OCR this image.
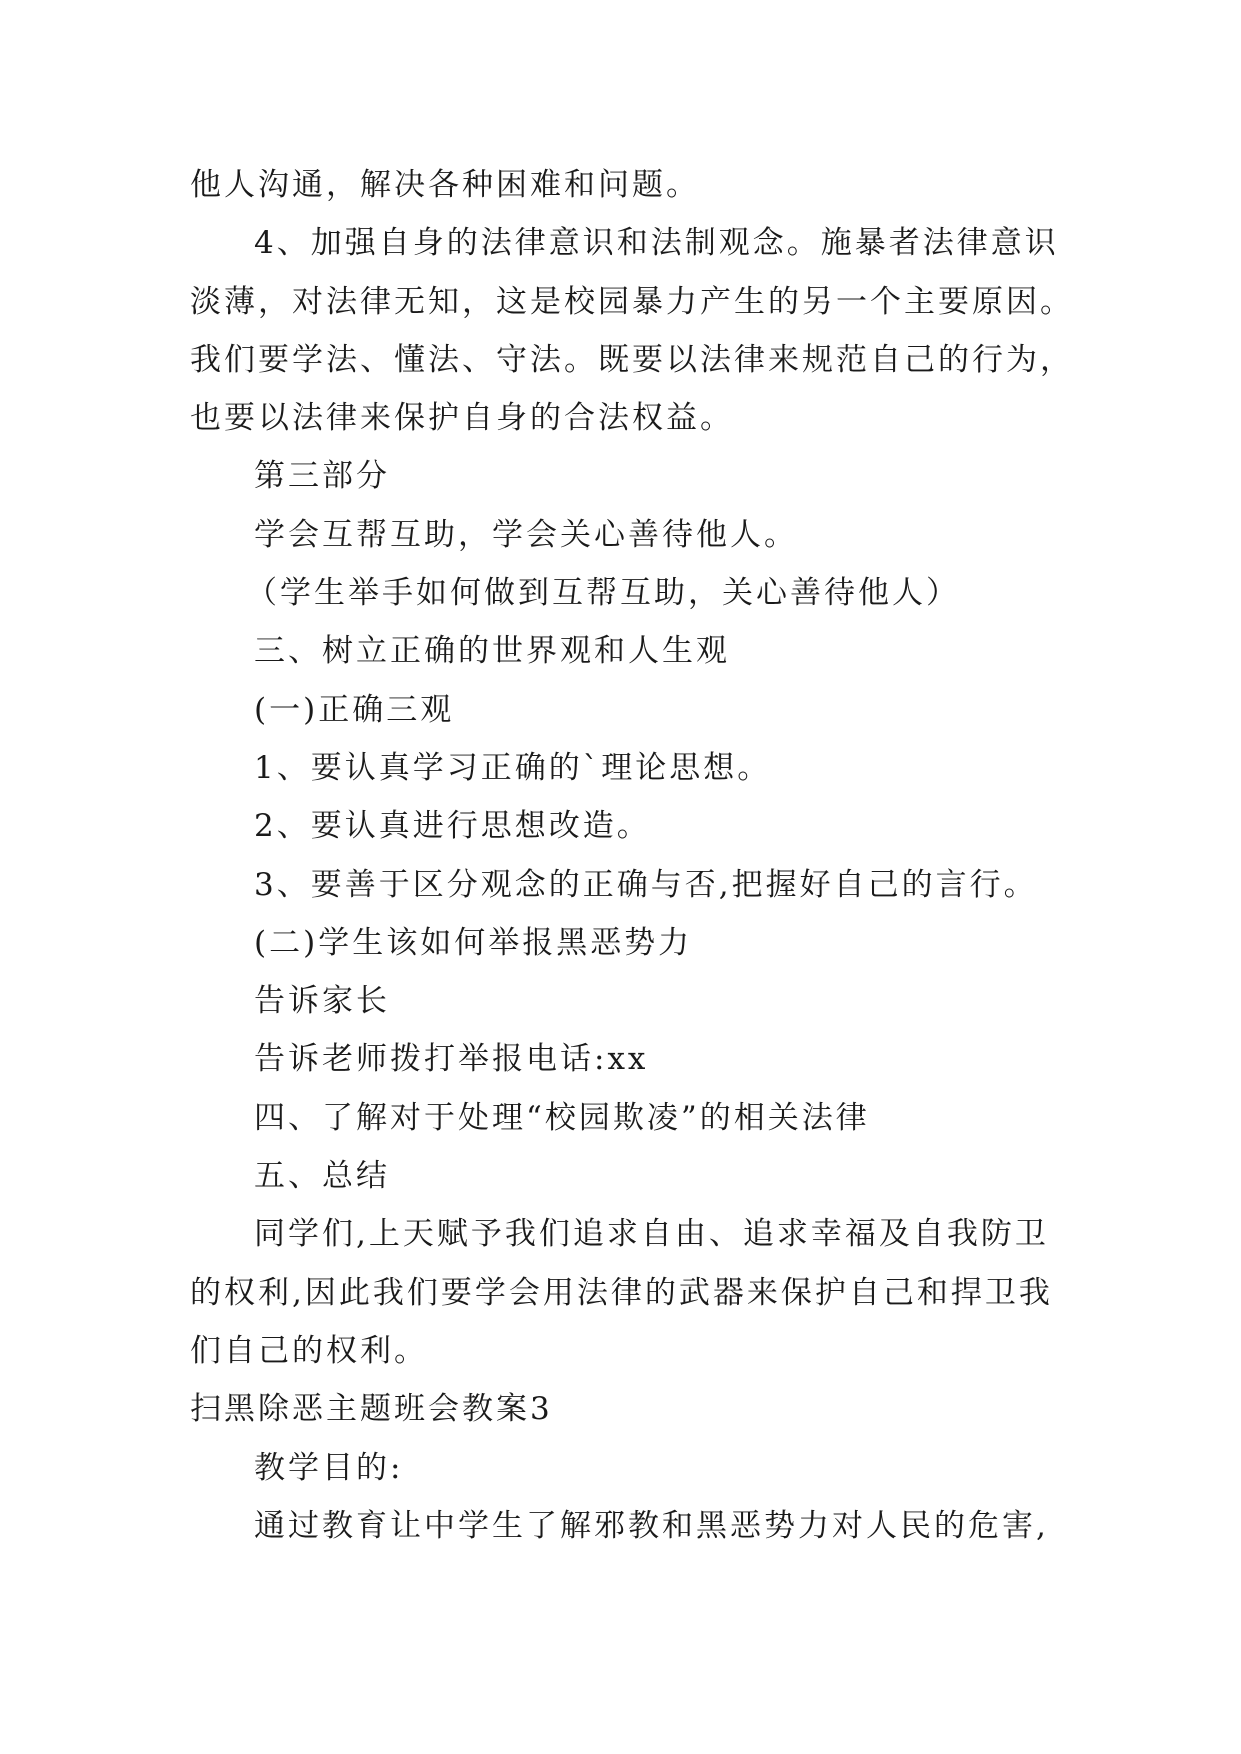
他人沟通，解决各种困难和问题。
4、加强自身的法律意识和法制观念。施暴者法律意识
淡薄，对法律无知，这是校园暴力产生的另一个主要原因。
我们要学法、懂法、守法。既要以法律来规范自己的行为，
也要以法律来保护自身的合法权益。
第三部分
学会互帮互助，学会关心善待他人。
（学生举手如何做到互帮互助，关心善待他人）
三、树立正确的世界观和人生观
(一)正确三观
1、要认真学习正确的`理论思想。
2、要认真进行思想改造。
3、要善于区分观念的正确与否,把握好自己的言行。
(二)学生该如何举报黑恶势力
告诉家长
告诉老师拨打举报电话:xx
四、了解对于处理“校园欺凌”的相关法律
五、总结
同学们,上天赋予我们追求自由、追求幸福及自我防卫
的权利,因此我们要学会用法律的武器来保护自己和捍卫我
们自己的权利。
扫黑除恶主题班会教案3
教学目的:
通过教育让中学生了解邪教和黑恶势力对人民的危害,
